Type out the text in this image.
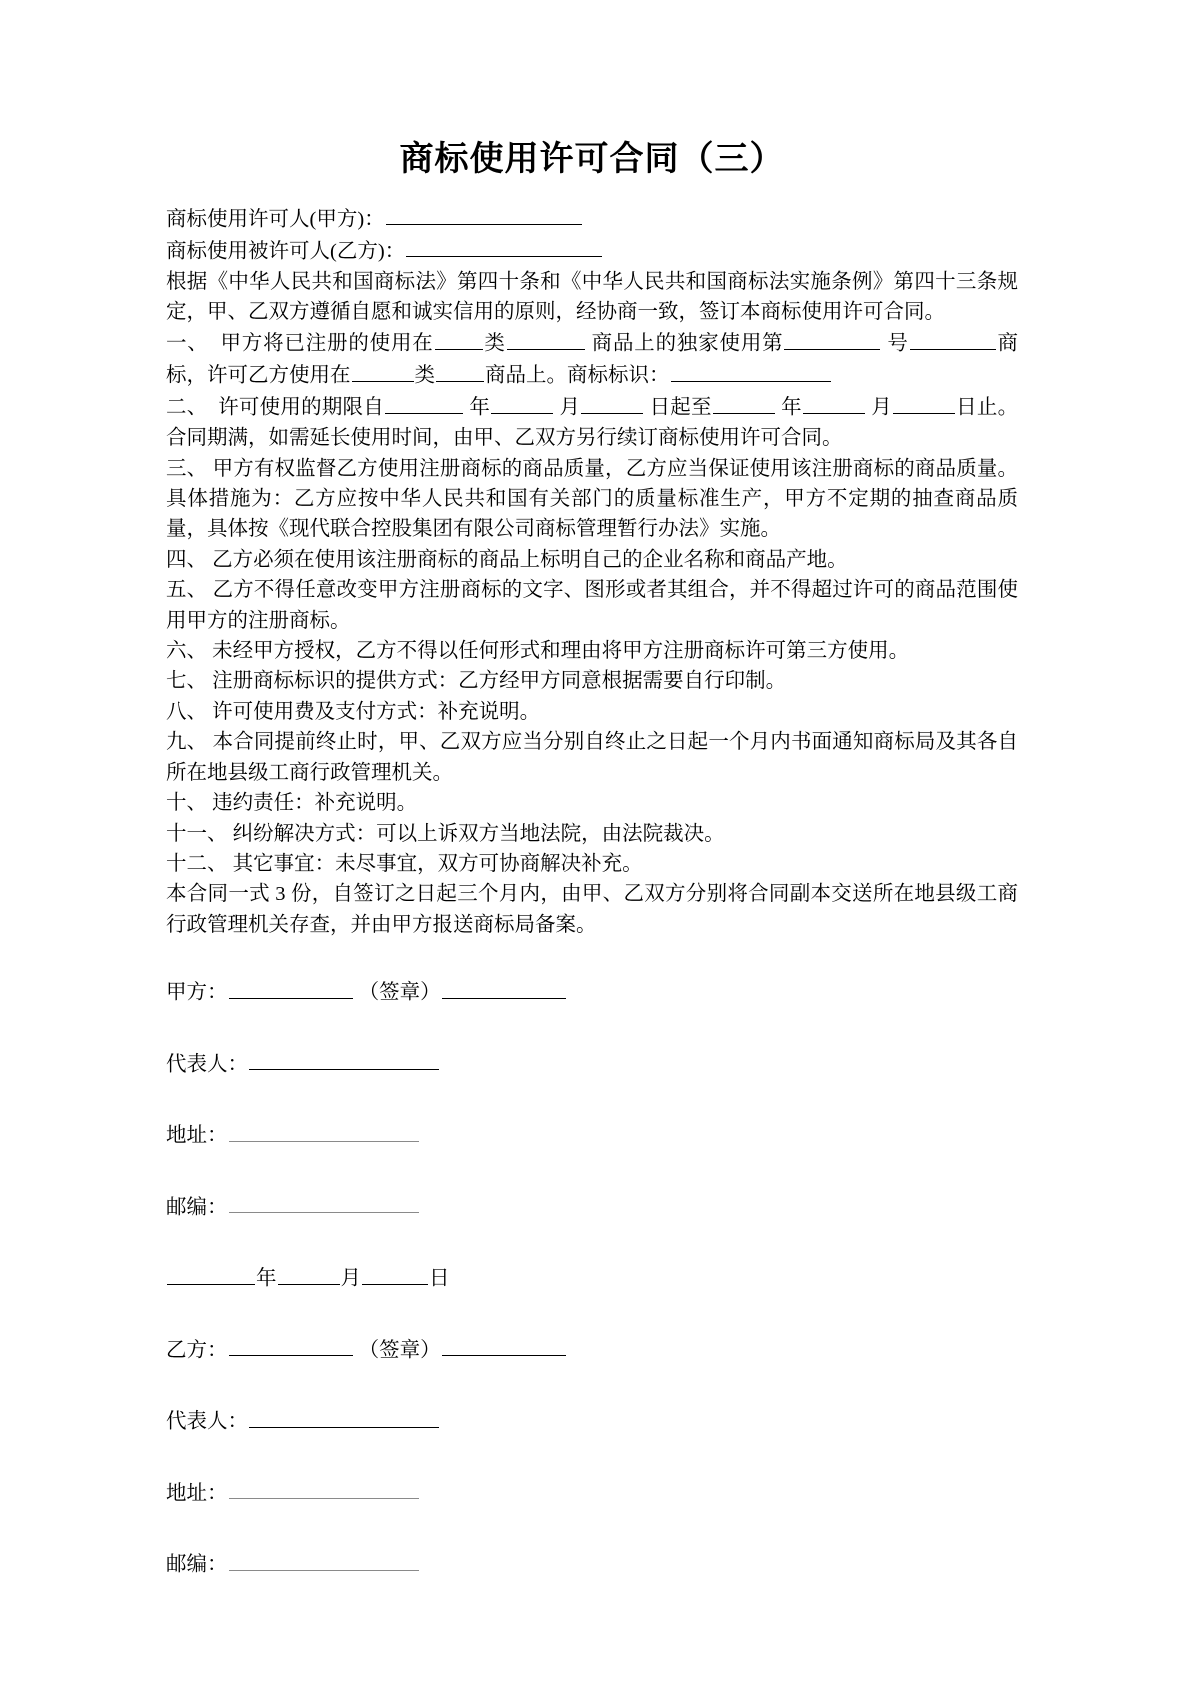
商标使用许可合同（三）

商标使用许可人(甲方)：

商标使用被许可人(乙方)：

根据《中华人民共和国商标法》第四十条和《中华人民共和国商标法实施条例》第四十三条规定，甲、乙双方遵循自愿和诚实信用的原则，经协商一致，签订本商标使用许可合同。

一、 甲方将已注册的使用在 类	商品上的独家使用第	号	商标，许可乙方使用在	类 商品上。商标标识：

二、 许可使用的期限自	年	月	日起至	年	月	日止。合同期满，如需延长使用时间，由甲、乙双方另行续订商标使用许可合同。

三、 甲方有权监督乙方使用注册商标的商品质量，乙方应当保证使用该注册商标的商品质量。具体措施为：乙方应按中华人民共和国有关部门的质量标准生产，甲方不定期的抽查商品质量，具体按《现代联合控股集团有限公司商标管理暂行办法》实施。

四、 乙方必须在使用该注册商标的商品上标明自己的企业名称和商品产地。

五、 乙方不得任意改变甲方注册商标的文字、图形或者其组合，并不得超过许可的商品范围使用甲方的注册商标。

六、 未经甲方授权，乙方不得以任何形式和理由将甲方注册商标许可第三方使用。

七、 注册商标标识的提供方式：乙方经甲方同意根据需要自行印制。

八、 许可使用费及支付方式：补充说明。

九、 本合同提前终止时，甲、乙双方应当分别自终止之日起一个月内书面通知商标局及其各自所在地县级工商行政管理机关。

十、 违约责任：补充说明。

十一、 纠纷解决方式：可以上诉双方当地法院，由法院裁决。

十二、 其它事宜：未尽事宜，双方可协商解决补充。

本合同一式 3 份，自签订之日起三个月内，由甲、乙双方分别将合同副本交送所在地县级工商行政管理机关存查，并由甲方报送商标局备案。

甲方：	（签章）

代表人：

地址：

邮编：

年	月	日

乙方：	（签章）

代表人：

地址：

邮编：
